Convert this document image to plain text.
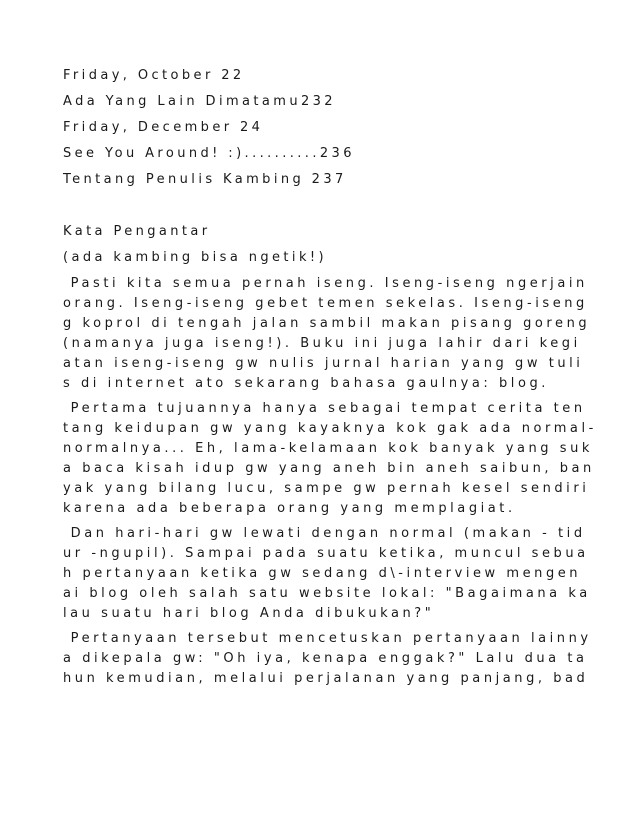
Friday, October 22
Ada Yang Lain Dimatamu232
Friday, December 24
See You Around! :)..........236
Tentang Penulis Kambing 237
Kata Pengantar
(ada kambing bisa ngetik!)
Pasti kita semua pernah iseng. Iseng-iseng ngerjain
orang. Iseng-iseng gebet temen sekelas. Iseng-iseng
g koprol di tengah jalan sambil makan pisang goreng
(namanya juga iseng!). Buku ini juga lahir dari kegi
atan iseng-iseng gw nulis jurnal harian yang gw tuli
s di internet ato sekarang bahasa gaulnya: blog.
Pertama tujuannya hanya sebagai tempat cerita ten
tang keidupan gw yang kayaknya kok gak ada normal-
normalnya... Eh, lama-kelamaan kok banyak yang suk
a baca kisah idup gw yang aneh bin aneh saibun, ban
yak yang bilang lucu, sampe gw pernah kesel sendiri
karena ada beberapa orang yang memplagiat.
Dan hari-hari gw lewati dengan normal (makan - tid
ur -ngupil). Sampai pada suatu ketika, muncul sebua
h pertanyaan ketika gw sedang d\-interview mengen
ai blog oleh salah satu website lokal: "Bagaimana ka
lau suatu hari blog Anda dibukukan?"
Pertanyaan tersebut mencetuskan pertanyaan lainny
a dikepala gw: "Oh iya, kenapa enggak?" Lalu dua ta
hun kemudian, melalui perjalanan yang panjang, bad
